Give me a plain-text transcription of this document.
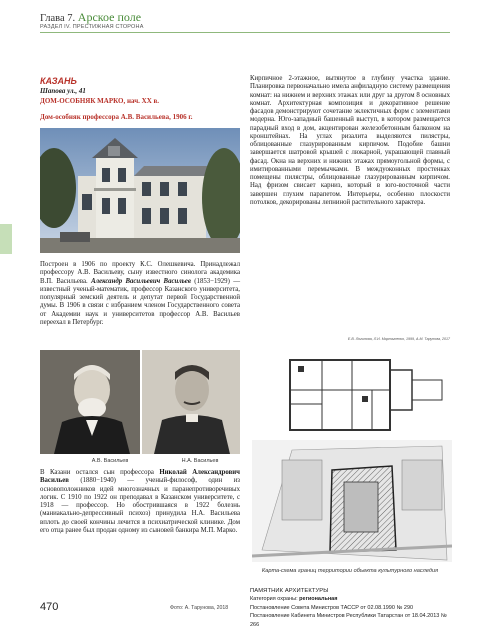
Глава 7. Арское поле
РАЗДЕЛ IV. ПРЕСТИЖНАЯ СТОРОНА
КАЗАНЬ
Шапова ул., 41
ДОМ-ОСОБНЯК МАРКО, нач. XX в.
Дом-особняк профессора А.В. Васильева, 1906 г.

Построен в 1906 по проекту К.С. Олешкевича. Принадлежал профессору А.В. Васильеву, сыну известного синолога академика В.П. Васильева. Александр Васильевич Васильев (1853−1929) — известный ученый-математик, профессор Казанского университета, популярный земский деятель и депутат первой Государственной думы. В 1906 в связи с избранием членом Государственного совета от Академии наук и университетов профессор А.В. Васильев переехал в Петербург.

А.В. Васильев	Н.А. Васильев

В Казани остался сын профессора Николай Александрович Васильев (1880−1940) — ученый-философ, один из основоположников идей многозначных и паранепротиворечивых логик. С 1910 по 1922 он преподавал в Казанском университете, с 1918 — профессор. Но обострившаяся в 1922 болезнь (маниакально-депрессивный психоз) принудила Н.А. Васильева вплоть до своей кончины лечится в психиатрической клинике. Дом его отца ранее был продан одному из сыновей банкира М.П. Марко.

Кирпичное 2-этажное, вытянутое в глубину участка здание. Планировка первоначально имела анфиладную систему размещения комнат: на нижнем и верхних этажах или друг за другом 8 основных комнат. Архитектурная композиция и декоративное решение фасадов демонстрируют сочетание эклектичных форм с элементами модерна. Юго-западный башенный выступ, в котором размещается парадный вход в дом, акцентирован железобетонным балконом на кронштейнах. На углах ризалита выделяются пилястры, облицованные глазурированным кирпичом. Подобие башни завершается шатровой крышей с люкарной, украшающей главный фасад. Окна на верхних и нижних этажах прямоугольной формы, с имитированными перемычками. В междуоконных простенках помещены пилястры, облицованные глазурированным кирпичом. Над фризом свисает карниз, который в юго-восточной части завершен глухим парапетом. Интерьеры, особенно плоскости потолков, декорированы лепниной растительного характера.

Е.В. Логинова, Л.И. Мартыненко, 1999, А.М. Тарунова, 2017
Карта-схема границ территории объекта культурного наследия
ПАМЯТНИК АРХИТЕКТУРЫ
Категория охраны: региональная
Постановление Совета Министров ТАССР от 02.08.1990 № 290
Постановление Кабинета Министров Республики Татарстан от 18.04.2013 № 266
470	Фото: А. Тарунова, 2018
